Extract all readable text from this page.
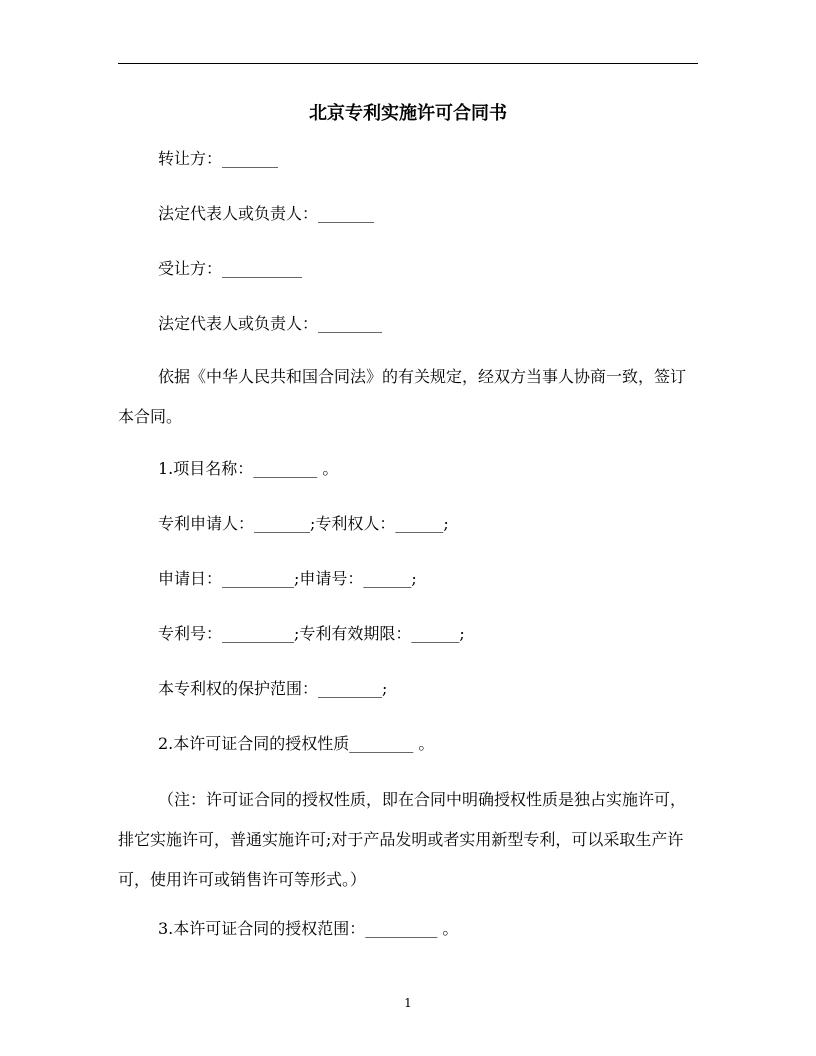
北京专利实施许可合同书
转让方：_______
法定代表人或负责人：_______
受让方：__________
法定代表人或负责人：________
依据《中华人民共和国合同法》的有关规定，经双方当事人协商一致，签订本合同。
1.项目名称：________ 。
专利申请人：_______;专利权人：______;
申请日：_________;申请号：______;
专利号：_________;专利有效期限：______;
本专利权的保护范围：________;
2.本许可证合同的授权性质________ 。
（注：许可证合同的授权性质，即在合同中明确授权性质是独占实施许可，排它实施许可，普通实施许可;对于产品发明或者实用新型专利，可以采取生产许可，使用许可或销售许可等形式。）
3.本许可证合同的授权范围：_________ 。
1
